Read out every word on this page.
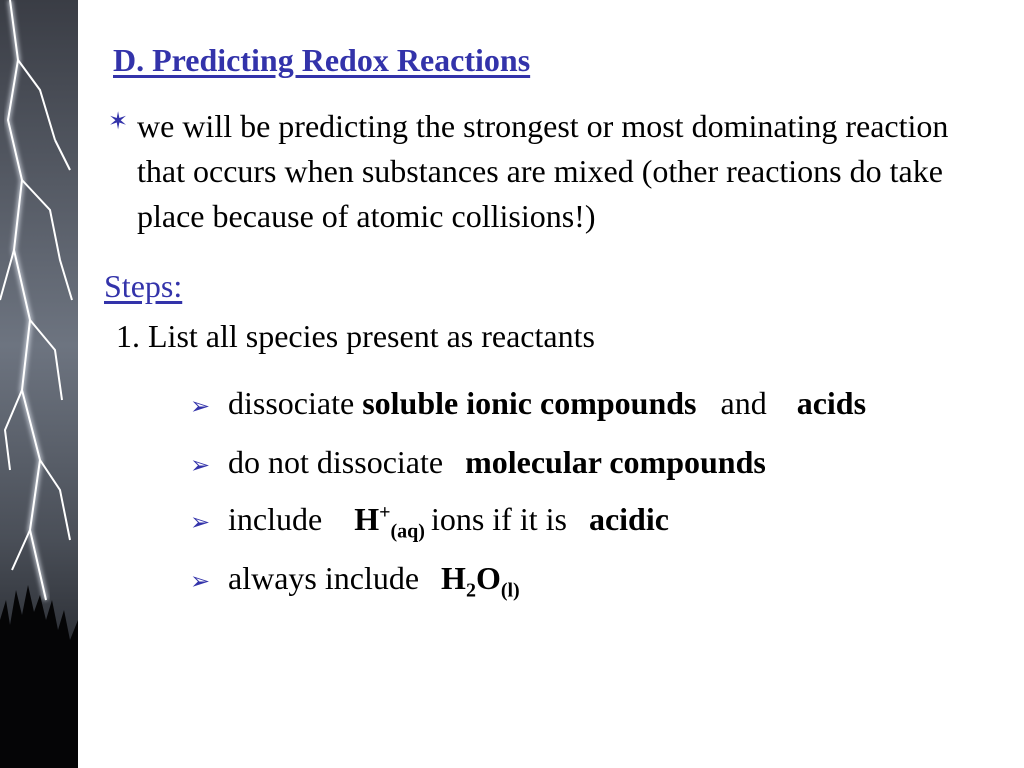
D. Predicting Redox Reactions
✶ we will be predicting the strongest or most dominating reaction that occurs when substances are mixed (other reactions do take place because of atomic collisions!)
Steps:
1. List all species present as reactants
➢ dissociate soluble ionic compounds and acids
➢ do not dissociate molecular compounds
➢ include $H^+_{(aq)}$ ions if it is acidic
➢ always include $H_2O_{(l)}$
